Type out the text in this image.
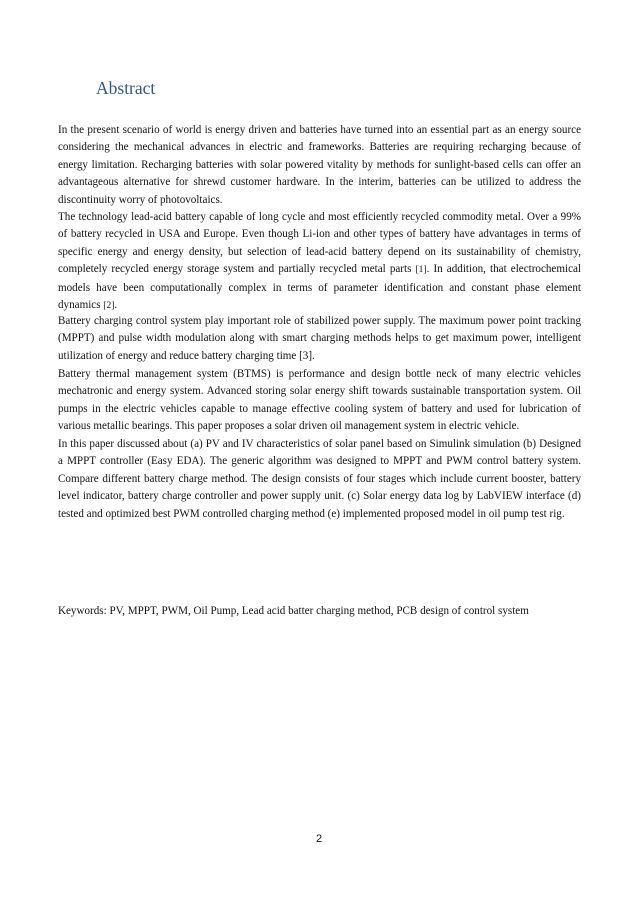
Abstract

In the present scenario of world is energy driven and batteries have turned into an essential part as an energy source considering the mechanical advances in electric and frameworks. Batteries are requiring recharging because of energy limitation. Recharging batteries with solar powered vitality by methods for sunlight-based cells can offer an advantageous alternative for shrewd customer hardware. In the interim, batteries can be utilized to address the discontinuity worry of photovoltaics.

The technology lead-acid battery capable of long cycle and most efficiently recycled commodity metal. Over a 99% of battery recycled in USA and Europe. Even though Li-ion and other types of battery have advantages in terms of specific energy and energy density, but selection of lead-acid battery depend on its sustainability of chemistry, completely recycled energy storage system and partially recycled metal parts [1]. In addition, that electrochemical models have been computationally complex in terms of parameter identification and constant phase element dynamics [2].

Battery charging control system play important role of stabilized power supply. The maximum power point tracking (MPPT) and pulse width modulation along with smart charging methods helps to get maximum power, intelligent utilization of energy and reduce battery charging time [3].

Battery thermal management system (BTMS) is performance and design bottle neck of many electric vehicles mechatronic and energy system. Advanced storing solar energy shift towards sustainable transportation system. Oil pumps in the electric vehicles capable to manage effective cooling system of battery and used for lubrication of various metallic bearings. This paper proposes a solar driven oil management system in electric vehicle.

In this paper discussed about (a) PV and IV characteristics of solar panel based on Simulink simulation (b) Designed a MPPT controller (Easy EDA). The generic algorithm was designed to MPPT and PWM control battery system. Compare different battery charge method. The design consists of four stages which include current booster, battery level indicator, battery charge controller and power supply unit. (c) Solar energy data log by LabVIEW interface (d) tested and optimized best PWM controlled charging method (e) implemented proposed model in oil pump test rig.

Keywords: PV, MPPT, PWM, Oil Pump, Lead acid batter charging method, PCB design of control system

2
